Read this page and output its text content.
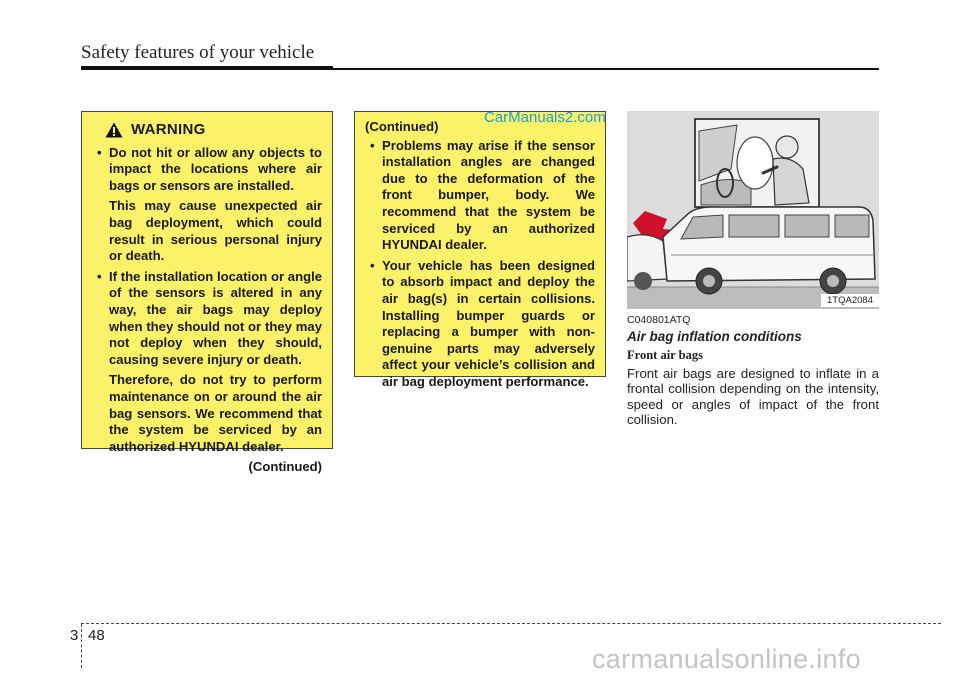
Safety features of your vehicle
WARNING
• Do not hit or allow any objects to impact the locations where air bags or sensors are installed.
This may cause unexpected air bag deployment, which could result in serious personal injury or death.
• If the installation location or angle of the sensors is altered in any way, the air bags may deploy when they should not or they may not deploy when they should, causing severe injury or death.
Therefore, do not try to perform maintenance on or around the air bag sensors. We recommend that the system be serviced by an authorized HYUNDAI dealer.
(Continued)
(Continued)
• Problems may arise if the sensor installation angles are changed due to the deformation of the front bumper, body. We recommend that the system be serviced by an authorized HYUNDAI dealer.
• Your vehicle has been designed to absorb impact and deploy the air bag(s) in certain collisions. Installing bumper guards or replacing a bumper with non-genuine parts may adversely affect your vehicle’s collision and air bag deployment performance.
CarManuals2.com
1TQA2084
C040801ATQ
Air bag inflation conditions
Front air bags
Front air bags are designed to inflate in a frontal collision depending on the intensity, speed or angles of impact of the front collision.
3 48
carmanualsonline.info
